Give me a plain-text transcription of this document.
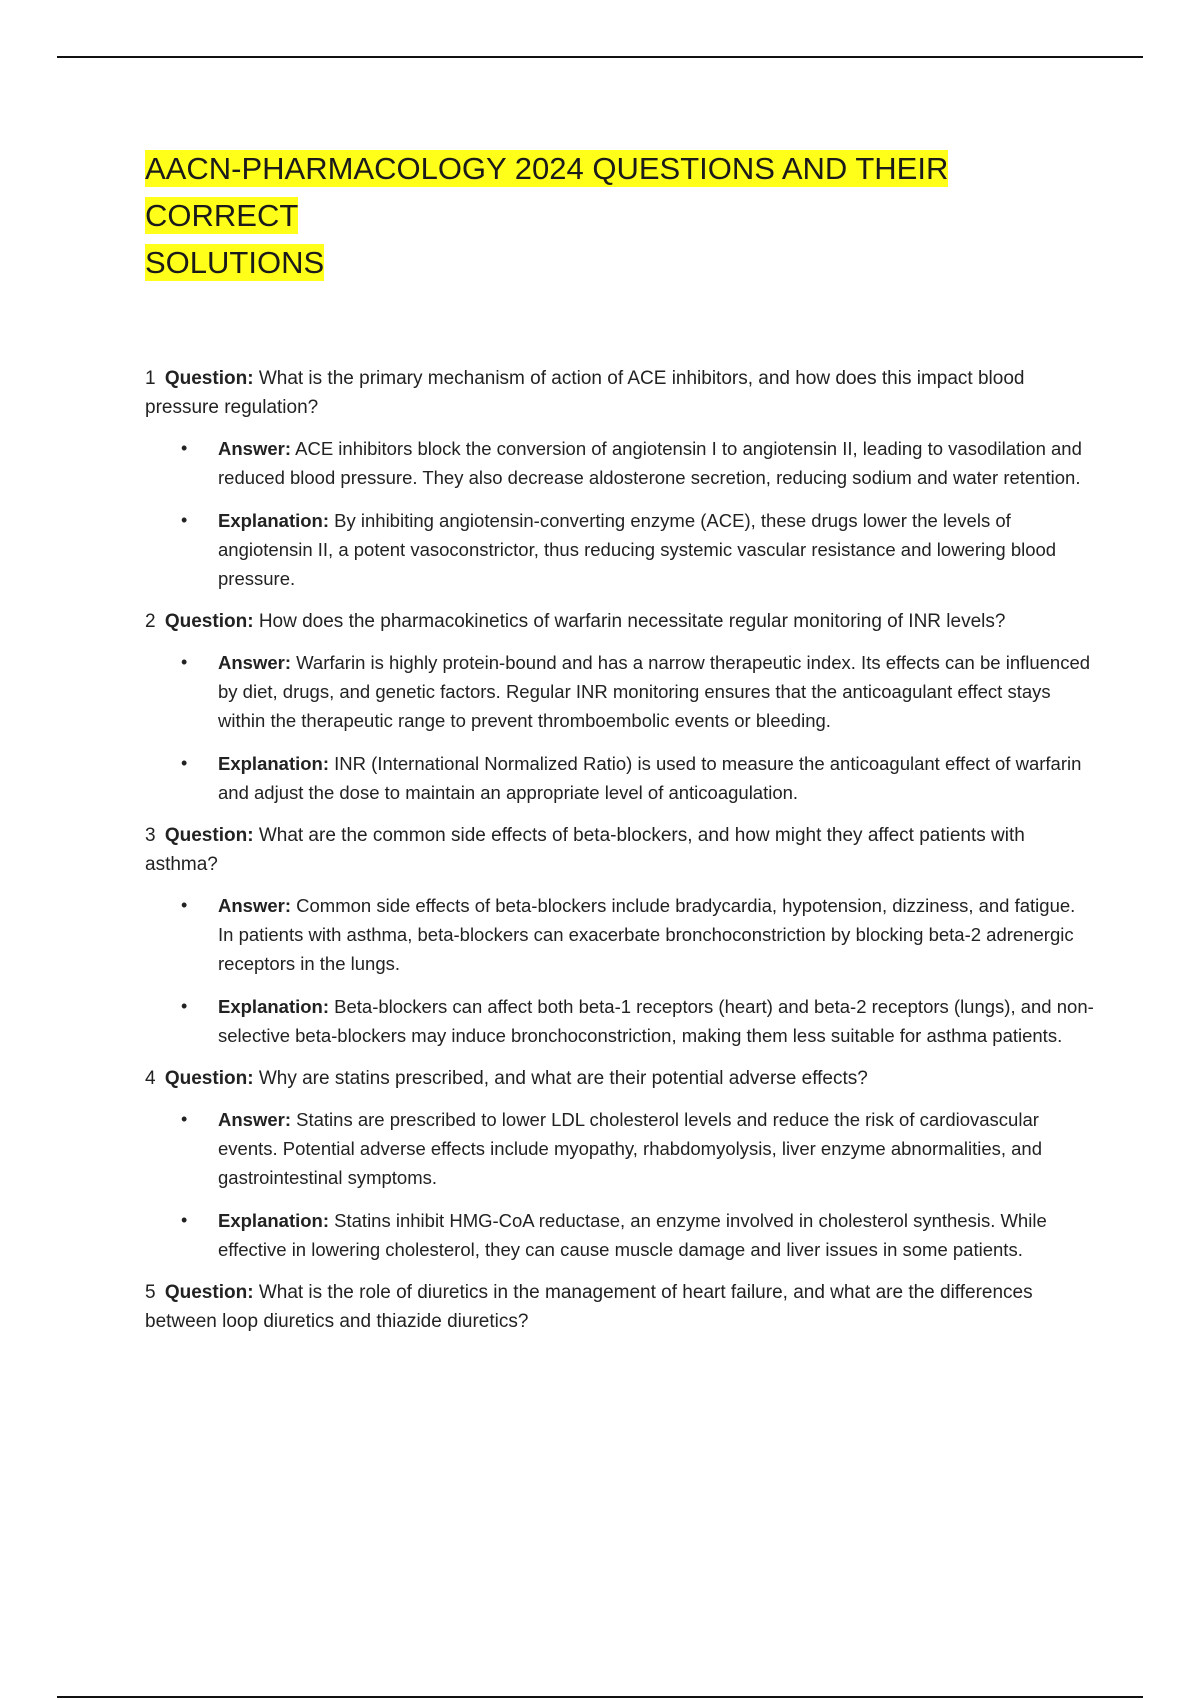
AACN-PHARMACOLOGY 2024 QUESTIONS AND THEIR CORRECT
SOLUTIONS

1 Question: What is the primary mechanism of action of ACE inhibitors, and how does this impact blood pressure regulation?

• Answer: ACE inhibitors block the conversion of angiotensin I to angiotensin II, leading to vasodilation and reduced blood pressure. They also decrease aldosterone secretion, reducing sodium and water retention.
• Explanation: By inhibiting angiotensin-converting enzyme (ACE), these drugs lower the levels of angiotensin II, a potent vasoconstrictor, thus reducing systemic vascular resistance and lowering blood pressure.

2 Question: How does the pharmacokinetics of warfarin necessitate regular monitoring of INR levels?

• Answer: Warfarin is highly protein-bound and has a narrow therapeutic index. Its effects can be influenced by diet, drugs, and genetic factors. Regular INR monitoring ensures that the anticoagulant effect stays within the therapeutic range to prevent thromboembolic events or bleeding.
• Explanation: INR (International Normalized Ratio) is used to measure the anticoagulant effect of warfarin and adjust the dose to maintain an appropriate level of anticoagulation.

3 Question: What are the common side effects of beta-blockers, and how might they affect patients with asthma?

• Answer: Common side effects of beta-blockers include bradycardia, hypotension, dizziness, and fatigue. In patients with asthma, beta-blockers can exacerbate bronchoconstriction by blocking beta-2 adrenergic receptors in the lungs.
• Explanation: Beta-blockers can affect both beta-1 receptors (heart) and beta-2 receptors (lungs), and non-selective beta-blockers may induce bronchoconstriction, making them less suitable for asthma patients.

4 Question: Why are statins prescribed, and what are their potential adverse effects?

• Answer: Statins are prescribed to lower LDL cholesterol levels and reduce the risk of cardiovascular events. Potential adverse effects include myopathy, rhabdomyolysis, liver enzyme abnormalities, and gastrointestinal symptoms.
• Explanation: Statins inhibit HMG-CoA reductase, an enzyme involved in cholesterol synthesis. While effective in lowering cholesterol, they can cause muscle damage and liver issues in some patients.

5 Question: What is the role of diuretics in the management of heart failure, and what are the differences between loop diuretics and thiazide diuretics?
